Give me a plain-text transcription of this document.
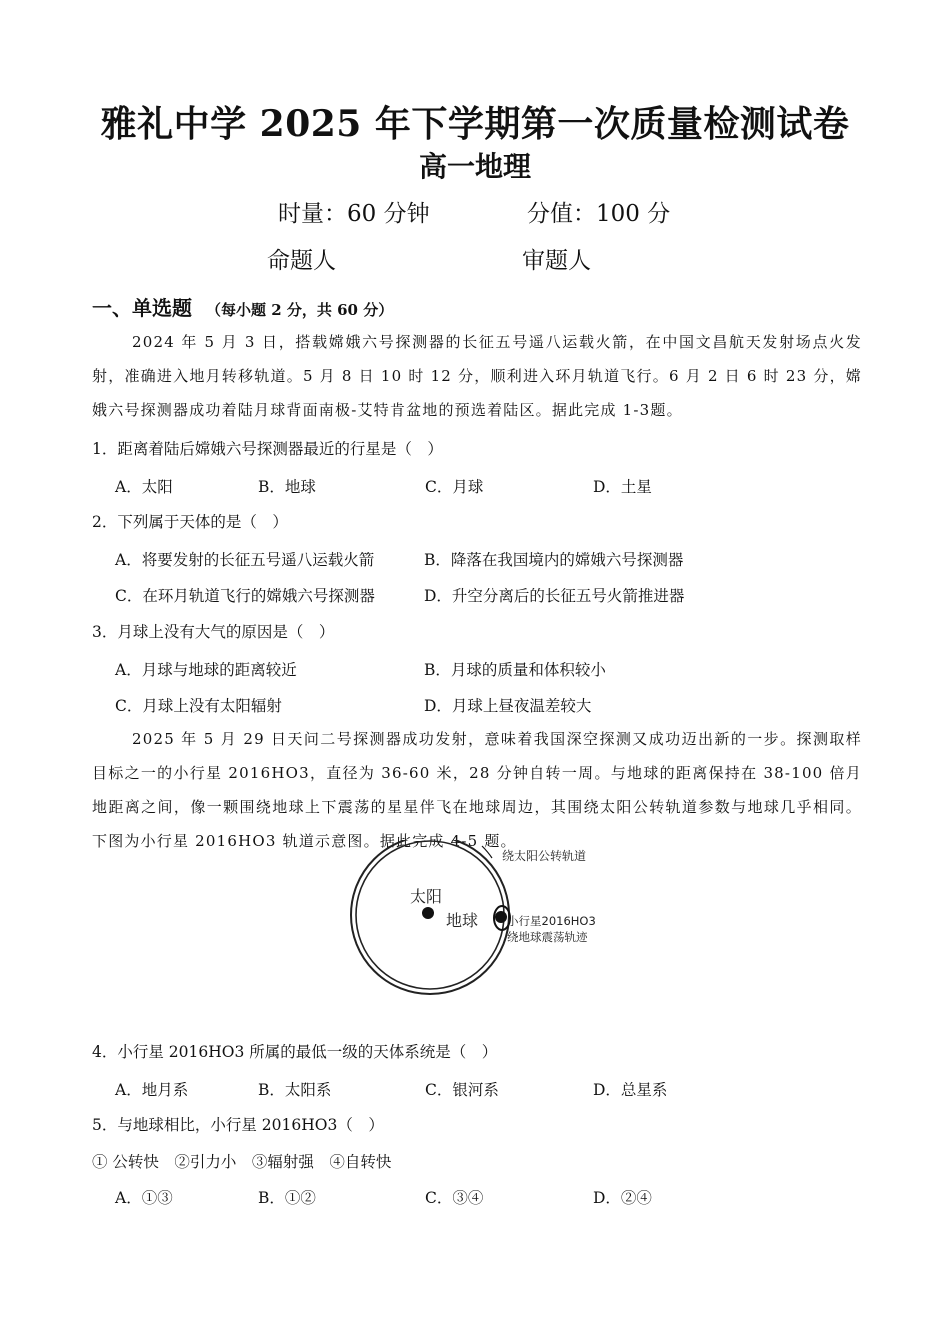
雅礼中学 2025 年下学期第一次质量检测试卷
高一地理
时量：60 分钟	分值：100 分
命题人	审题人
一、单选题 （每小题 2 分，共 60 分）
2024 年 5 月 3 日，搭载嫦娥六号探测器的长征五号遥八运载火箭，在中国文昌航天发射场点火发射，准确进入地月转移轨道。5 月 8 日 10 时 12 分，顺利进入环月轨道飞行。6 月 2 日 6 时 23 分，嫦娥六号探测器成功着陆月球背面南极-艾特肯盆地的预选着陆区。据此完成 1-3题。
1．距离着陆后嫦娥六号探测器最近的行星是（　）
A．太阳	B．地球	C．月球	D．土星
2．下列属于天体的是（　）
A．将要发射的长征五号遥八运载火箭	B．降落在我国境内的嫦娥六号探测器
C．在环月轨道飞行的嫦娥六号探测器	D．升空分离后的长征五号火箭推进器
3．月球上没有大气的原因是（　）
A．月球与地球的距离较近	B．月球的质量和体积较小
C．月球上没有太阳辐射	D．月球上昼夜温差较大
2025 年 5 月 29 日天问二号探测器成功发射，意味着我国深空探测又成功迈出新的一步。探测取样目标之一的小行星 2016HO3，直径为 36-60 米，28 分钟自转一周。与地球的距离保持在 38-100 倍月地距离之间，像一颗围绕地球上下震荡的星星伴飞在地球周边，其围绕太阳公转轨道参数与地球几乎相同。下图为小行星 2016HO3 轨道示意图。据此完成 4-5 题。
太阳
地球
绕太阳公转轨道
小行星2016HO3
绕地球震荡轨迹
4．小行星 2016HO3 所属的最低一级的天体系统是（　）
A．地月系	B．太阳系	C．银河系	D．总星系
5．与地球相比，小行星 2016HO3（　）
① 公转快　②引力小　③辐射强　④自转快
A．①③	B．①②	C．③④	D．②④
